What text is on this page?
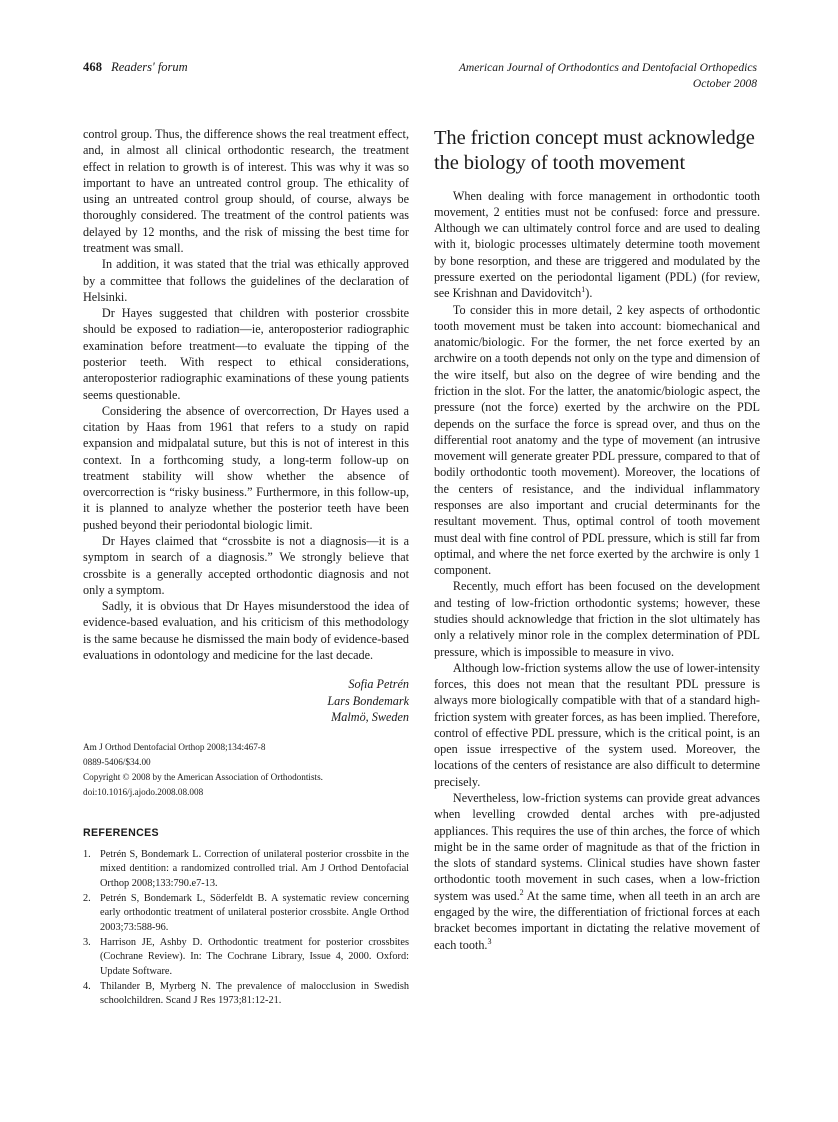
468 Readers' forum	American Journal of Orthodontics and Dentofacial Orthopedics
October 2008

control group. Thus, the difference shows the real treatment effect, and, in almost all clinical orthodontic research, the treatment effect in relation to growth is of interest. This was why it was so important to have an untreated control group. The ethicality of using an untreated control group should, of course, always be thoroughly considered. The treatment of the control patients was delayed by 12 months, and the risk of missing the best time for treatment was small.

In addition, it was stated that the trial was ethically approved by a committee that follows the guidelines of the declaration of Helsinki.

Dr Hayes suggested that children with posterior crossbite should be exposed to radiation—ie, anteroposterior radiographic examination before treatment—to evaluate the tipping of the posterior teeth. With respect to ethical considerations, anteroposterior radiographic examinations of these young patients seems questionable.

Considering the absence of overcorrection, Dr Hayes used a citation by Haas from 1961 that refers to a study on rapid expansion and midpalatal suture, but this is not of interest in this context. In a forthcoming study, a long-term follow-up on treatment stability will show whether the absence of overcorrection is “risky business.” Furthermore, in this follow-up, it is planned to analyze whether the posterior teeth have been pushed beyond their periodontal biologic limit.

Dr Hayes claimed that “crossbite is not a diagnosis—it is a symptom in search of a diagnosis.” We strongly believe that crossbite is a generally accepted orthodontic diagnosis and not only a symptom.

Sadly, it is obvious that Dr Hayes misunderstood the idea of evidence-based evaluation, and his criticism of this methodology is the same because he dismissed the main body of evidence-based evaluations in odontology and medicine for the last decade.

Sofia Petrén
Lars Bondemark
Malmö, Sweden
Am J Orthod Dentofacial Orthop 2008;134:467-8
0889-5406/$34.00
Copyright © 2008 by the American Association of Orthodontists.
doi:10.1016/j.ajodo.2008.08.008
REFERENCES
1. Petrén S, Bondemark L. Correction of unilateral posterior crossbite in the mixed dentition: a randomized controlled trial. Am J Orthod Dentofacial Orthop 2008;133:790.e7-13.
2. Petrén S, Bondemark L, Söderfeldt B. A systematic review concerning early orthodontic treatment of unilateral posterior crossbite. Angle Orthod 2003;73:588-96.
3. Harrison JE, Ashby D. Orthodontic treatment for posterior crossbites (Cochrane Review). In: The Cochrane Library, Issue 4, 2000. Oxford: Update Software.
4. Thilander B, Myrberg N. The prevalence of malocclusion in Swedish schoolchildren. Scand J Res 1973;81:12-21.
The friction concept must acknowledge the biology of tooth movement

When dealing with force management in orthodontic tooth movement, 2 entities must not be confused: force and pressure. Although we can ultimately control force and are used to dealing with it, biologic processes ultimately determine tooth movement by bone resorption, and these are triggered and modulated by the pressure exerted on the periodontal ligament (PDL) (for review, see Krishnan and Davidovitch$^1$).

To consider this in more detail, 2 key aspects of orthodontic tooth movement must be taken into account: biomechanical and anatomic/biologic. For the former, the net force exerted by an archwire on a tooth depends not only on the type and dimension of the wire itself, but also on the degree of wire bending and the friction in the slot. For the latter, the anatomic/biologic aspect, the pressure (not the force) exerted by the archwire on the PDL depends on the surface the force is spread over, and thus on the differential root anatomy and the type of movement (an intrusive movement will generate greater PDL pressure, compared to that of bodily orthodontic tooth movement). Moreover, the locations of the centers of resistance, and the individual inflammatory responses are also important and crucial determinants for the resultant movement. Thus, optimal control of tooth movement must deal with fine control of PDL pressure, which is still far from optimal, and where the net force exerted by the archwire is only 1 component.

Recently, much effort has been focused on the development and testing of low-friction orthodontic systems; however, these studies should acknowledge that friction in the slot ultimately has only a relatively minor role in the complex determination of PDL pressure, which is impossible to measure in vivo.

Although low-friction systems allow the use of lower-intensity forces, this does not mean that the resultant PDL pressure is always more biologically compatible with that of a standard high-friction system with greater forces, as has been implied. Therefore, control of effective PDL pressure, which is the critical point, is an open issue irrespective of the system used. Moreover, the locations of the centers of resistance are also difficult to determine precisely.

Nevertheless, low-friction systems can provide great advances when levelling crowded dental arches with pre-adjusted appliances. This requires the use of thin arches, the force of which might be in the same order of magnitude as that of the friction in the slots of standard systems. Clinical studies have shown faster orthodontic tooth movement in such cases, when a low-friction system was used.$^2$ At the same time, when all teeth in an arch are engaged by the wire, the differentiation of frictional forces at each bracket becomes important in dictating the relative movement of each tooth.$^3$
